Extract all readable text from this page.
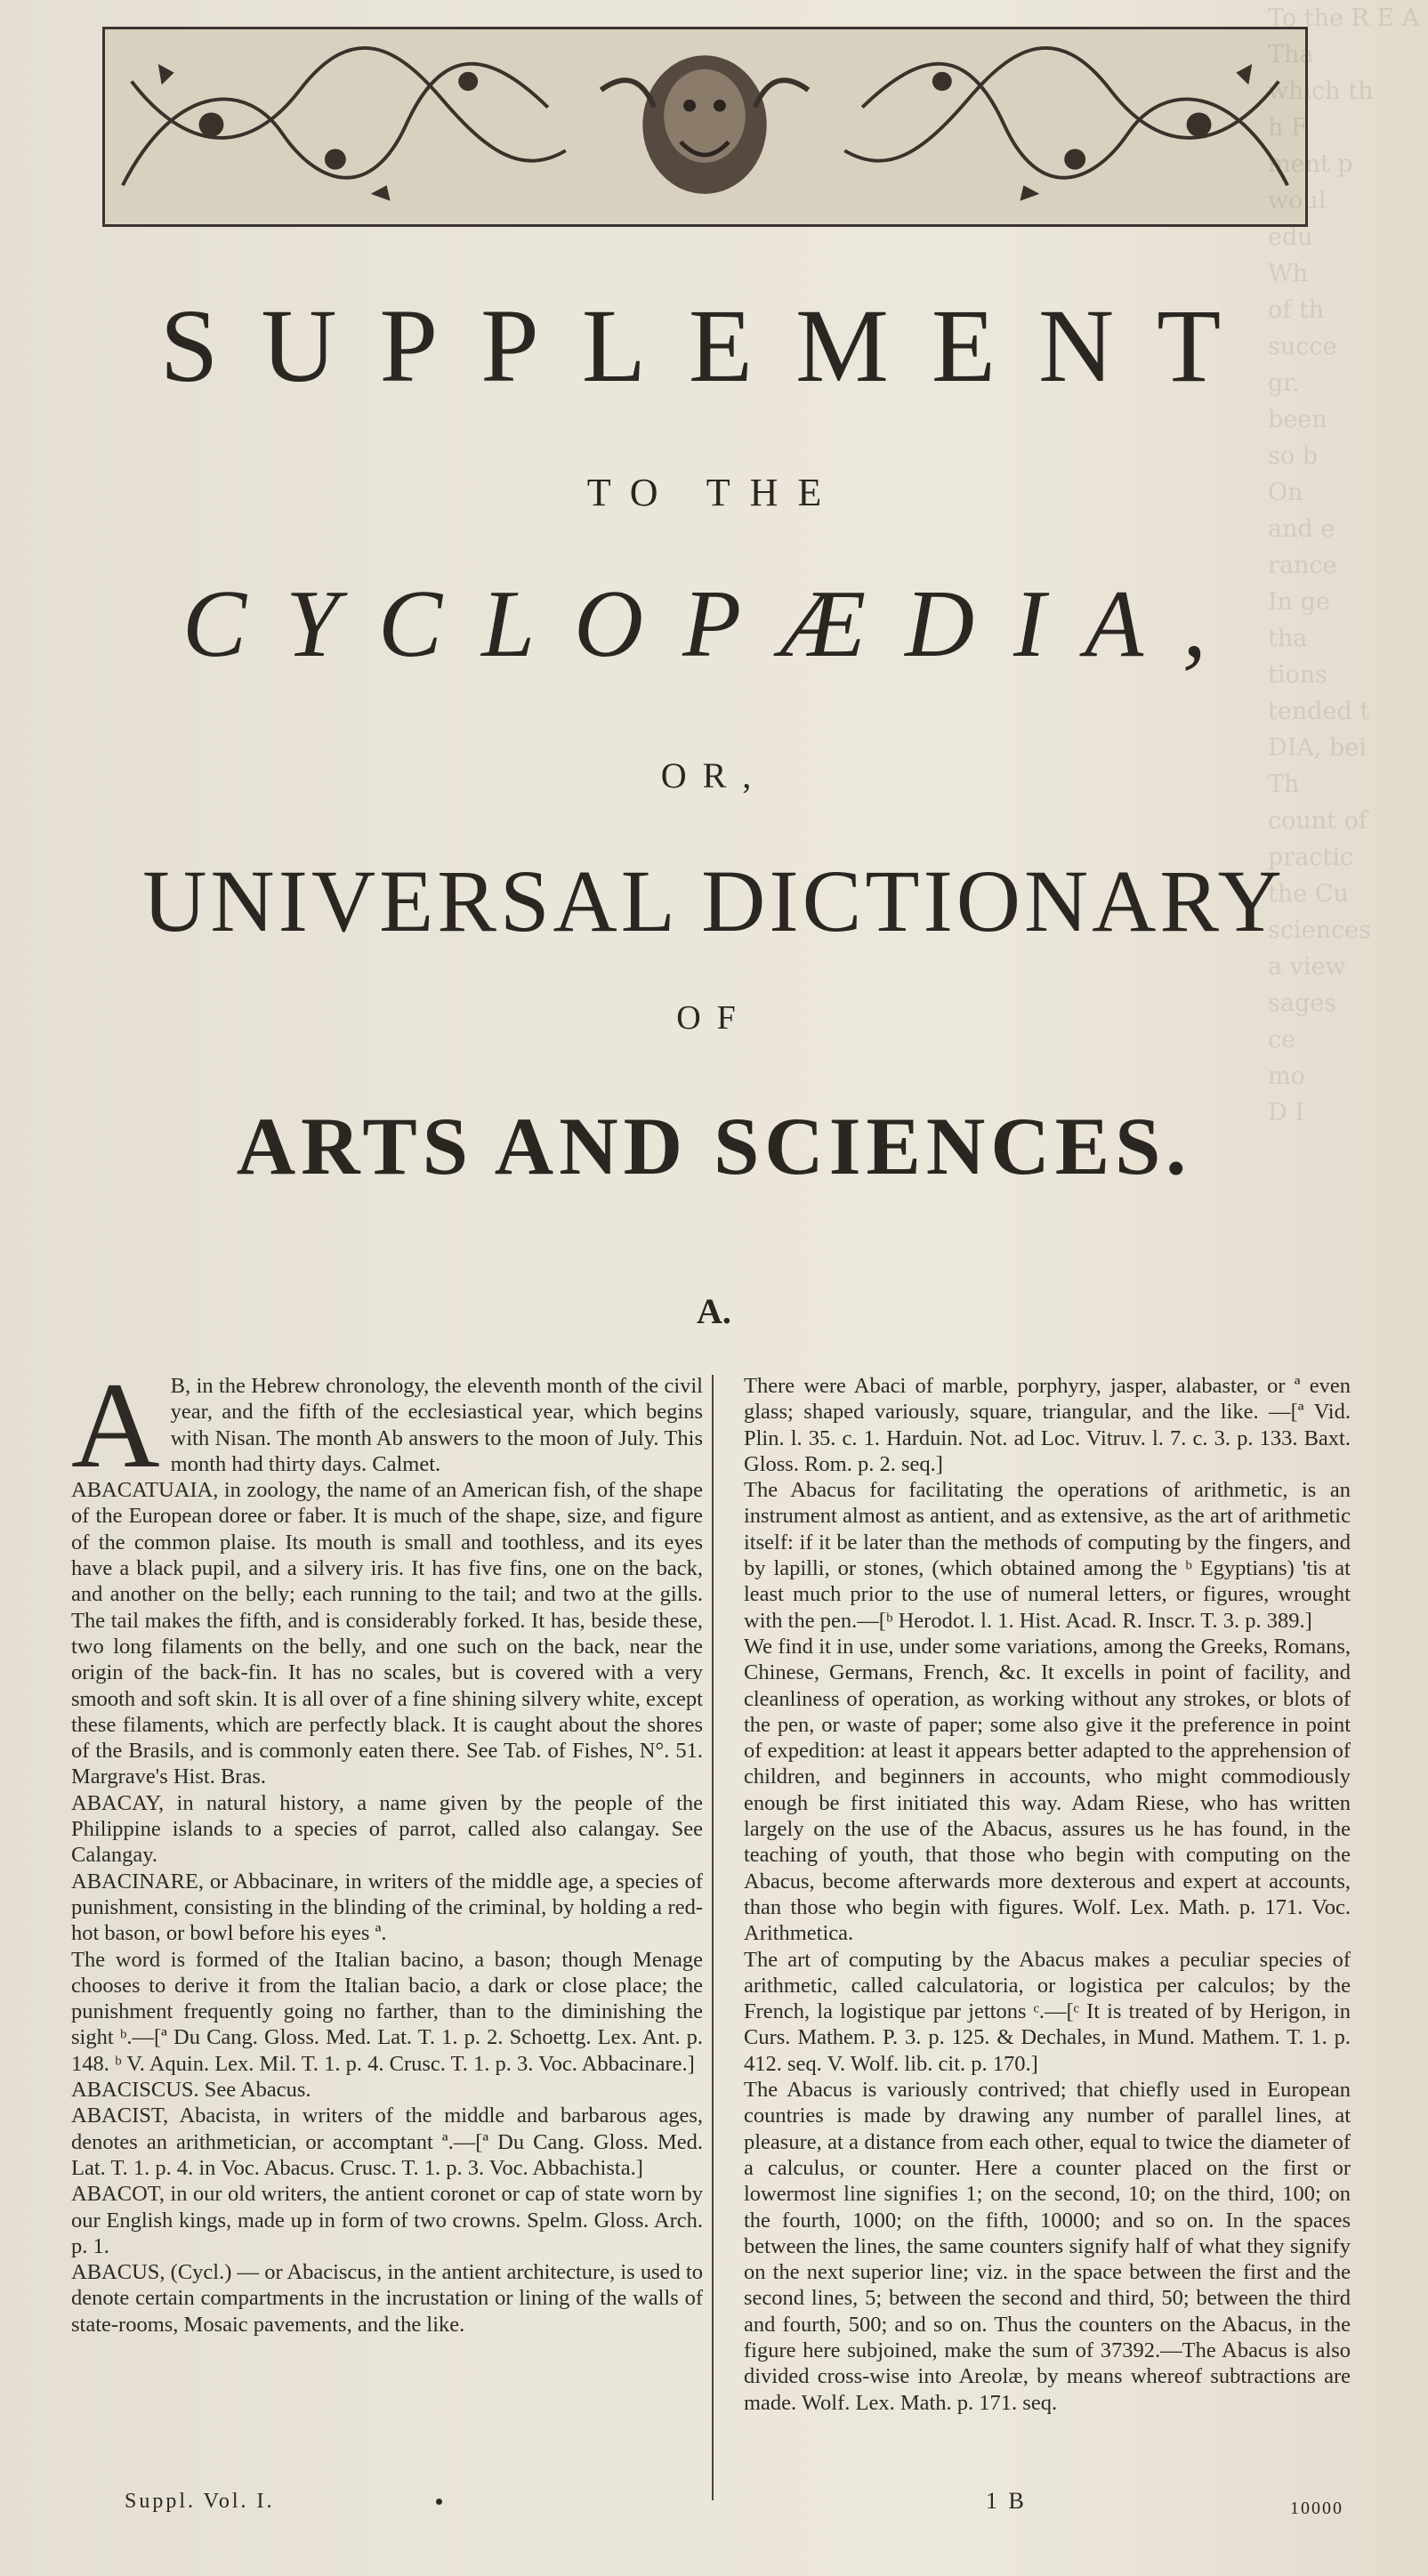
To the R E A
Tha
which th
h F
ment p
woul
edu
Wh
of th
succe
gr.
been
so b
On
and e
rance
In ge
tha
tions
tended t
DIA, bei
Th
count of
practic
the Cu
sciences
a view
sages
ce
mo
D I
SUPPLEMENT
TO THE
CYCLOPÆDIA,
OR,
UNIVERSAL DICTIONARY
OF
ARTS AND SCIENCES.
A.

A B, in the Hebrew chronology, the eleventh month of the civil year, and the fifth of the ecclesiastical year, which begins with Nisan. The month Ab answers to the moon of July. This month had thirty days. Calmet.

ABACATUAIA, in zoology, the name of an American fish, of the shape of the European doree or faber. It is much of the shape, size, and figure of the common plaise. Its mouth is small and toothless, and its eyes have a black pupil, and a silvery iris. It has five fins, one on the back, and another on the belly; each running to the tail; and two at the gills. The tail makes the fifth, and is considerably forked. It has, beside these, two long filaments on the belly, and one such on the back, near the origin of the back-fin. It has no scales, but is covered with a very smooth and soft skin. It is all over of a fine shining silvery white, except these filaments, which are perfectly black. It is caught about the shores of the Brasils, and is commonly eaten there. See Tab. of Fishes, N°. 51. Margrave's Hist. Bras.

ABACAY, in natural history, a name given by the people of the Philippine islands to a species of parrot, called also calangay. See Calangay.

ABACINARE, or Abbacinare, in writers of the middle age, a species of punishment, consisting in the blinding of the criminal, by holding a red-hot bason, or bowl before his eyes ª.

The word is formed of the Italian bacino, a bason; though Menage chooses to derive it from the Italian bacio, a dark or close place; the punishment frequently going no farther, than to the diminishing the sight ᵇ.—[ª Du Cang. Gloss. Med. Lat. T. 1. p. 2. Schoettg. Lex. Ant. p. 148. ᵇ V. Aquin. Lex. Mil. T. 1. p. 4. Crusc. T. 1. p. 3. Voc. Abbacinare.]

ABACISCUS. See Abacus.

ABACIST, Abacista, in writers of the middle and barbarous ages, denotes an arithmetician, or accomptant ª.—[ª Du Cang. Gloss. Med. Lat. T. 1. p. 4. in Voc. Abacus. Crusc. T. 1. p. 3. Voc. Abbachista.]

ABACOT, in our old writers, the antient coronet or cap of state worn by our English kings, made up in form of two crowns. Spelm. Gloss. Arch. p. 1.

ABACUS, (Cycl.) — or Abaciscus, in the antient architecture, is used to denote certain compartments in the incrustation or lining of the walls of state-rooms, Mosaic pavements, and the like.

There were Abaci of marble, porphyry, jasper, alabaster, or ª even glass; shaped variously, square, triangular, and the like. —[ª Vid. Plin. l. 35. c. 1. Harduin. Not. ad Loc. Vitruv. l. 7. c. 3. p. 133. Baxt. Gloss. Rom. p. 2. seq.]

The Abacus for facilitating the operations of arithmetic, is an instrument almost as antient, and as extensive, as the art of arithmetic itself: if it be later than the methods of computing by the fingers, and by lapilli, or stones, (which obtained among the ᵇ Egyptians) 'tis at least much prior to the use of numeral letters, or figures, wrought with the pen.—[ᵇ Herodot. l. 1. Hist. Acad. R. Inscr. T. 3. p. 389.]

We find it in use, under some variations, among the Greeks, Romans, Chinese, Germans, French, &c. It excells in point of facility, and cleanliness of operation, as working without any strokes, or blots of the pen, or waste of paper; some also give it the preference in point of expedition: at least it appears better adapted to the apprehension of children, and beginners in accounts, who might commodiously enough be first initiated this way. Adam Riese, who has written largely on the use of the Abacus, assures us he has found, in the teaching of youth, that those who begin with computing on the Abacus, become afterwards more dexterous and expert at accounts, than those who begin with figures. Wolf. Lex. Math. p. 171. Voc. Arithmetica.

The art of computing by the Abacus makes a peculiar species of arithmetic, called calculatoria, or logistica per calculos; by the French, la logistique par jettons ᶜ.—[ᶜ It is treated of by Herigon, in Curs. Mathem. P. 3. p. 125. & Dechales, in Mund. Mathem. T. 1. p. 412. seq. V. Wolf. lib. cit. p. 170.]

The Abacus is variously contrived; that chiefly used in European countries is made by drawing any number of parallel lines, at pleasure, at a distance from each other, equal to twice the diameter of a calculus, or counter. Here a counter placed on the first or lowermost line signifies 1; on the second, 10; on the third, 100; on the fourth, 1000; on the fifth, 10000; and so on. In the spaces between the lines, the same counters signify half of what they signify on the next superior line; viz. in the space between the first and the second lines, 5; between the second and third, 50; between the third and fourth, 500; and so on. Thus the counters on the Abacus, in the figure here subjoined, make the sum of 37392.—The Abacus is also divided cross-wise into Areolæ, by means whereof subtractions are made. Wolf. Lex. Math. p. 171. seq.

Suppl. Vol. I.	1 B	10000
